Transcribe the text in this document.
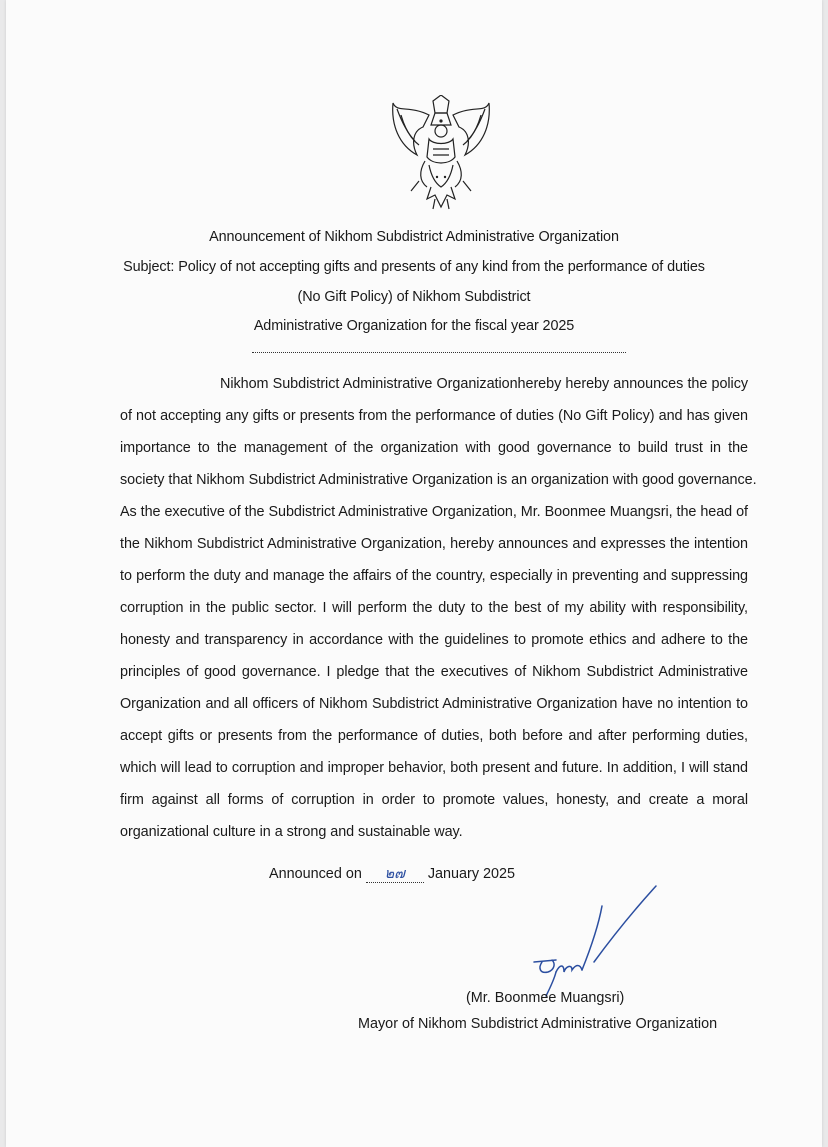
Announcement of Nikhom Subdistrict Administrative Organization
Subject: Policy of not accepting gifts and presents of any kind from the performance of duties
(No Gift Policy) of Nikhom Subdistrict
Administrative Organization for the fiscal year 2025
Nikhom Subdistrict Administrative Organizationhereby hereby announces the policy
of not accepting any gifts or presents from the performance of duties (No Gift Policy) and has given
importance to the management of the organization with good governance to build trust in the
society that Nikhom Subdistrict Administrative Organization is an organization with good governance.
As the executive of the Subdistrict Administrative Organization, Mr. Boonmee Muangsri, the head of
the Nikhom Subdistrict Administrative Organization, hereby announces and expresses the intention
to perform the duty and manage the affairs of the country, especially in preventing and suppressing
corruption in the public sector. I will perform the duty to the best of my ability with responsibility,
honesty and transparency in accordance with the guidelines to promote ethics and adhere to the
principles of good governance. I pledge that the executives of Nikhom Subdistrict Administrative
Organization and all officers of Nikhom Subdistrict Administrative Organization have no intention to
accept gifts or presents from the performance of duties, both before and after performing duties,
which will lead to corruption and improper behavior, both present and future. In addition, I will stand
firm against all forms of corruption in order to promote values, honesty, and create a moral
organizational culture in a strong and sustainable way.
Announced on ๒๗ January 2025
(Mr. Boonmee Muangsri)
Mayor of Nikhom Subdistrict Administrative Organization
